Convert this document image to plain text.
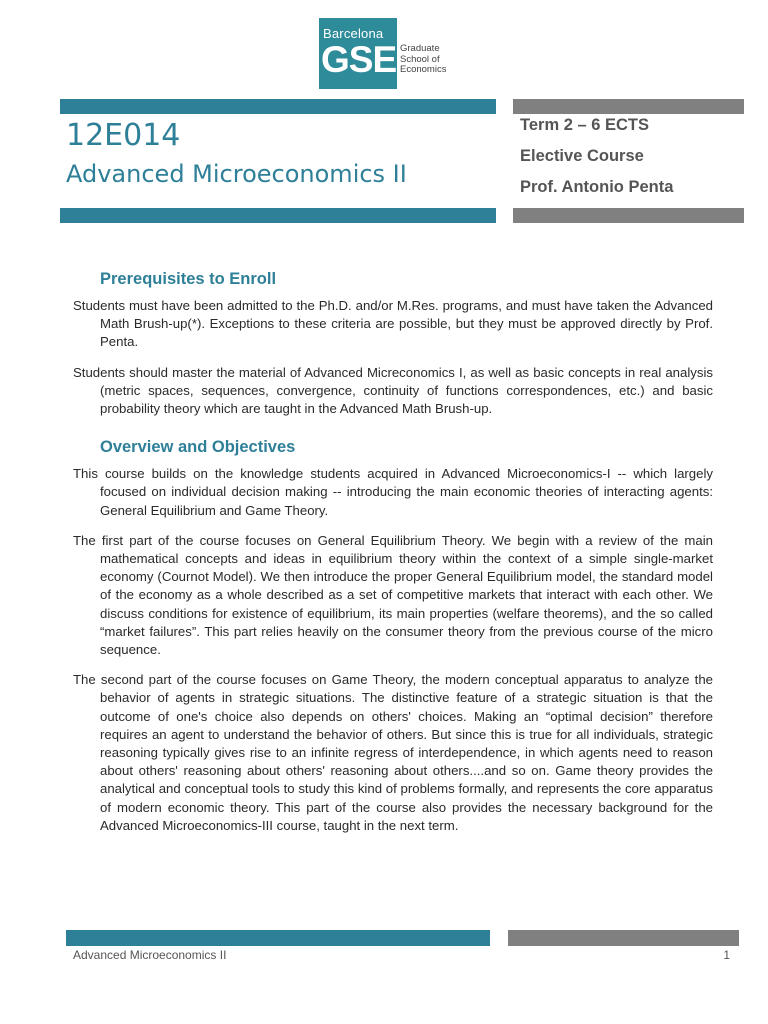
Barcelona
GSE Graduate
School of
Economics
12E014
Advanced Microeconomics II
Term 2 – 6 ECTS
Elective Course
Prof. Antonio Penta
Prerequisites to Enroll

Students must have been admitted to the Ph.D. and/or M.Res. programs, and must have taken the Advanced Math Brush-up(*). Exceptions to these criteria are possible, but they must be approved directly by Prof. Penta.

Students should master the material of Advanced Micreconomics I, as well as basic concepts in real analysis (metric spaces, sequences, convergence, continuity of functions correspondences, etc.) and basic probability theory which are taught in the Advanced Math Brush-up.

Overview and Objectives

This course builds on the knowledge students acquired in Advanced Microeconomics-I -- which largely focused on individual decision making -- introducing the main economic theories of interacting agents: General Equilibrium and Game Theory.

The first part of the course focuses on General Equilibrium Theory. We begin with a review of the main mathematical concepts and ideas in equilibrium theory within the context of a simple single-market economy (Cournot Model). We then introduce the proper General Equilibrium model, the standard model of the economy as a whole described as a set of competitive markets that interact with each other. We discuss conditions for existence of equilibrium, its main properties (welfare theorems), and the so called “market failures”. This part relies heavily on the consumer theory from the previous course of the micro sequence.

The second part of the course focuses on Game Theory, the modern conceptual apparatus to analyze the behavior of agents in strategic situations. The distinctive feature of a strategic situation is that the outcome of one's choice also depends on others' choices. Making an “optimal decision” therefore requires an agent to understand the behavior of others. But since this is true for all individuals, strategic reasoning typically gives rise to an infinite regress of interdependence, in which agents need to reason about others' reasoning about others' reasoning about others....and so on. Game theory provides the analytical and conceptual tools to study this kind of problems formally, and represents the core apparatus of modern economic theory. This part of the course also provides the necessary background for the Advanced Microeconomics-III course, taught in the next term.

Advanced Microeconomics II	1
